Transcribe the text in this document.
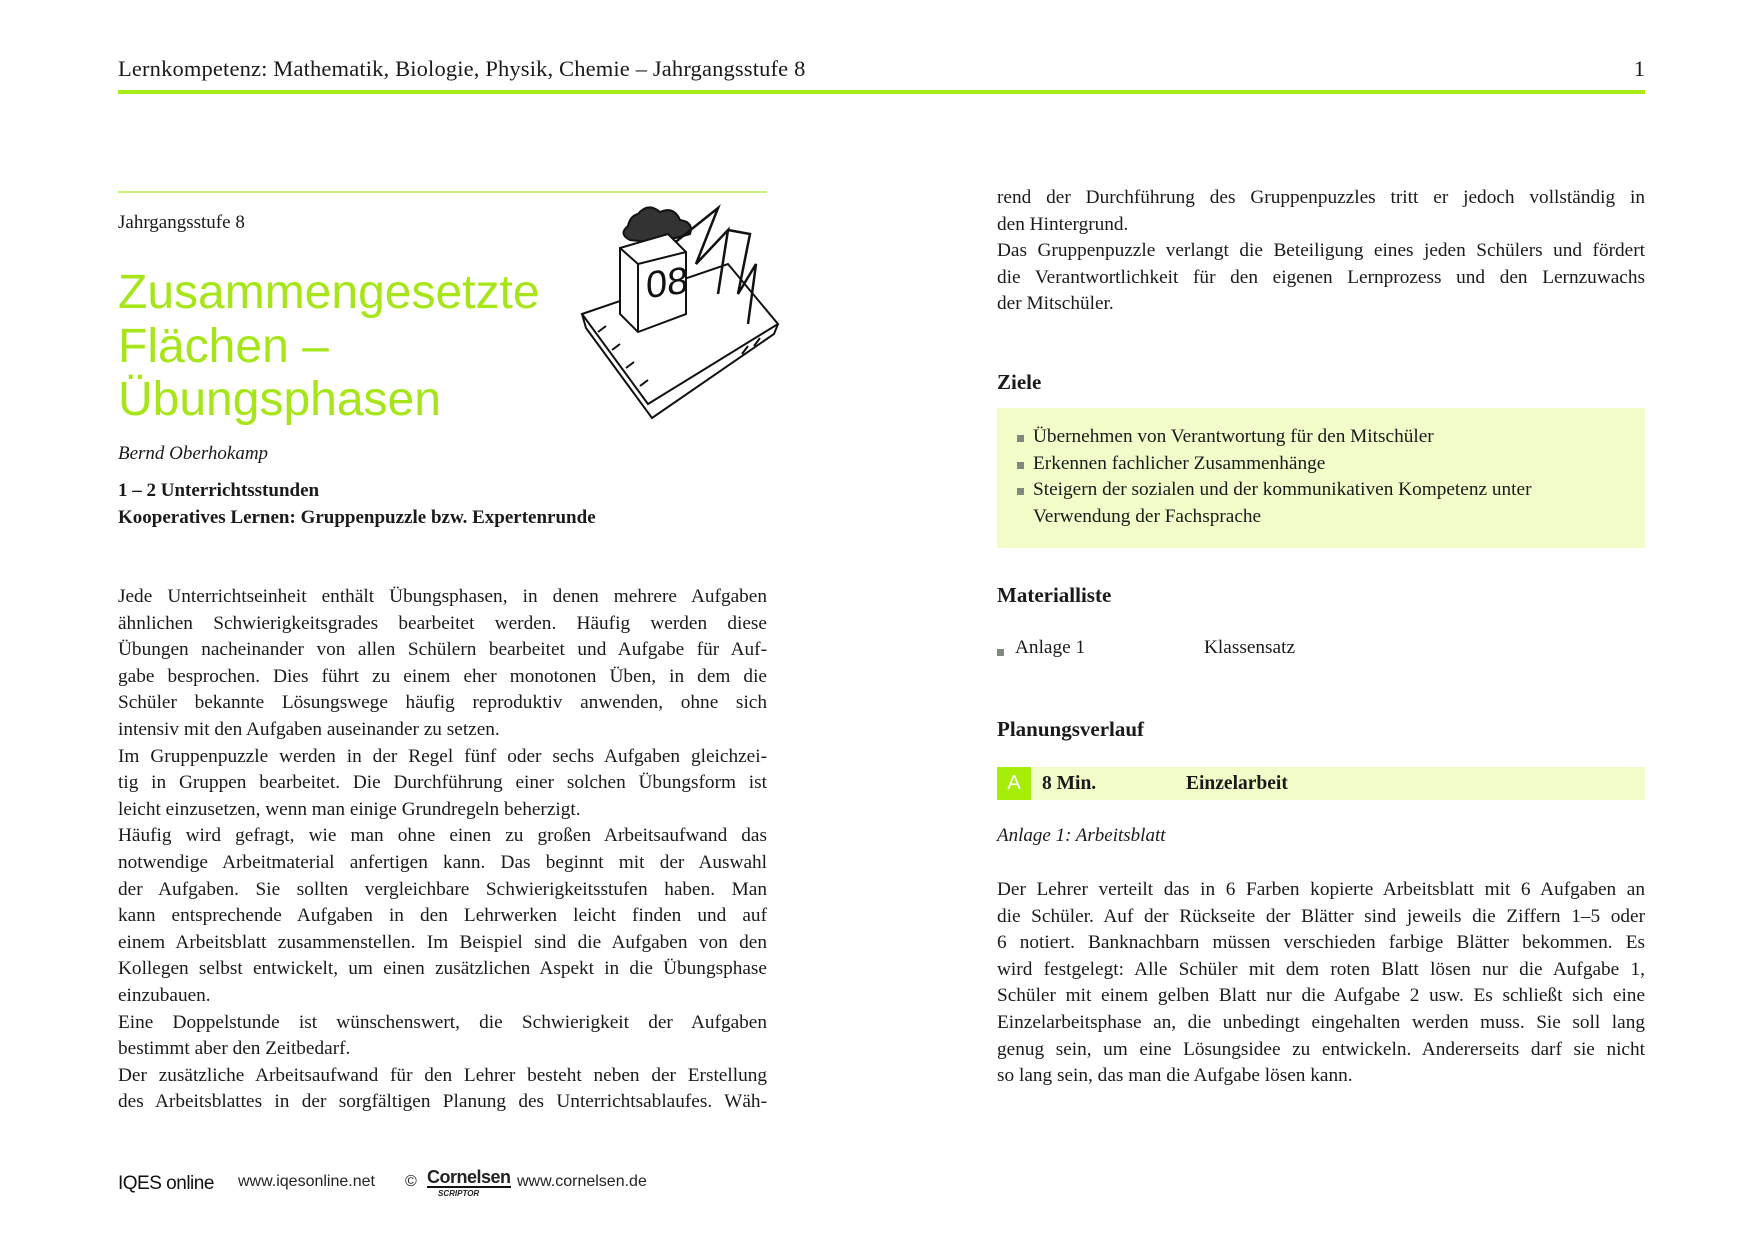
Lernkompetenz: Mathematik, Biologie, Physik, Chemie – Jahrgangsstufe 8	1
Jahrgangsstufe 8
Zusammengesetzte
Flächen –
Übungsphasen
08
Bernd Oberhokamp
1 – 2 Unterrichtsstunden
Kooperatives Lernen: Gruppenpuzzle bzw. Expertenrunde
Jede Unterrichtseinheit enthält Übungsphasen, in denen mehrere Aufgaben
ähnlichen Schwierigkeitsgrades bearbeitet werden. Häufig werden diese
Übungen nacheinander von allen Schülern bearbeitet und Aufgabe für Auf-
gabe besprochen. Dies führt zu einem eher monotonen Üben, in dem die
Schüler bekannte Lösungswege häufig reproduktiv anwenden, ohne sich
intensiv mit den Aufgaben auseinander zu setzen.
Im Gruppenpuzzle werden in der Regel fünf oder sechs Aufgaben gleichzei-
tig in Gruppen bearbeitet. Die Durchführung einer solchen Übungsform ist
leicht einzusetzen, wenn man einige Grundregeln beherzigt.
Häufig wird gefragt, wie man ohne einen zu großen Arbeitsaufwand das
notwendige Arbeitmaterial anfertigen kann. Das beginnt mit der Auswahl
der Aufgaben. Sie sollten vergleichbare Schwierigkeitsstufen haben. Man
kann entsprechende Aufgaben in den Lehrwerken leicht finden und auf
einem Arbeitsblatt zusammenstellen. Im Beispiel sind die Aufgaben von den
Kollegen selbst entwickelt, um einen zusätzlichen Aspekt in die Übungsphase
einzubauen.
Eine Doppelstunde ist wünschenswert, die Schwierigkeit der Aufgaben
bestimmt aber den Zeitbedarf.
Der zusätzliche Arbeitsaufwand für den Lehrer besteht neben der Erstellung
des Arbeitsblattes in der sorgfältigen Planung des Unterrichtsablaufes. Wäh-
rend der Durchführung des Gruppenpuzzles tritt er jedoch vollständig in
den Hintergrund.
Das Gruppenpuzzle verlangt die Beteiligung eines jeden Schülers und fördert
die Verantwortlichkeit für den eigenen Lernprozess und den Lernzuwachs
der Mitschüler.
Ziele
Übernehmen von Verantwortung für den Mitschüler
Erkennen fachlicher Zusammenhänge
Steigern der sozialen und der kommunikativen Kompetenz unter Verwendung der Fachsprache
Materialliste
Anlage 1	Klassensatz
Planungsverlauf
A	8 Min.	Einzelarbeit
Anlage 1: Arbeitsblatt
Der Lehrer verteilt das in 6 Farben kopierte Arbeitsblatt mit 6 Aufgaben an
die Schüler. Auf der Rückseite der Blätter sind jeweils die Ziffern 1–5 oder
6 notiert. Banknachbarn müssen verschieden farbige Blätter bekommen. Es
wird festgelegt: Alle Schüler mit dem roten Blatt lösen nur die Aufgabe 1,
Schüler mit einem gelben Blatt nur die Aufgabe 2 usw. Es schließt sich eine
Einzelarbeitsphase an, die unbedingt eingehalten werden muss. Sie soll lang
genug sein, um eine Lösungsidee zu entwickeln. Andererseits darf sie nicht
so lang sein, das man die Aufgabe lösen kann.
IQES online www.iqesonline.net © Cornelsen
SCRIPTOR
www.cornelsen.de
